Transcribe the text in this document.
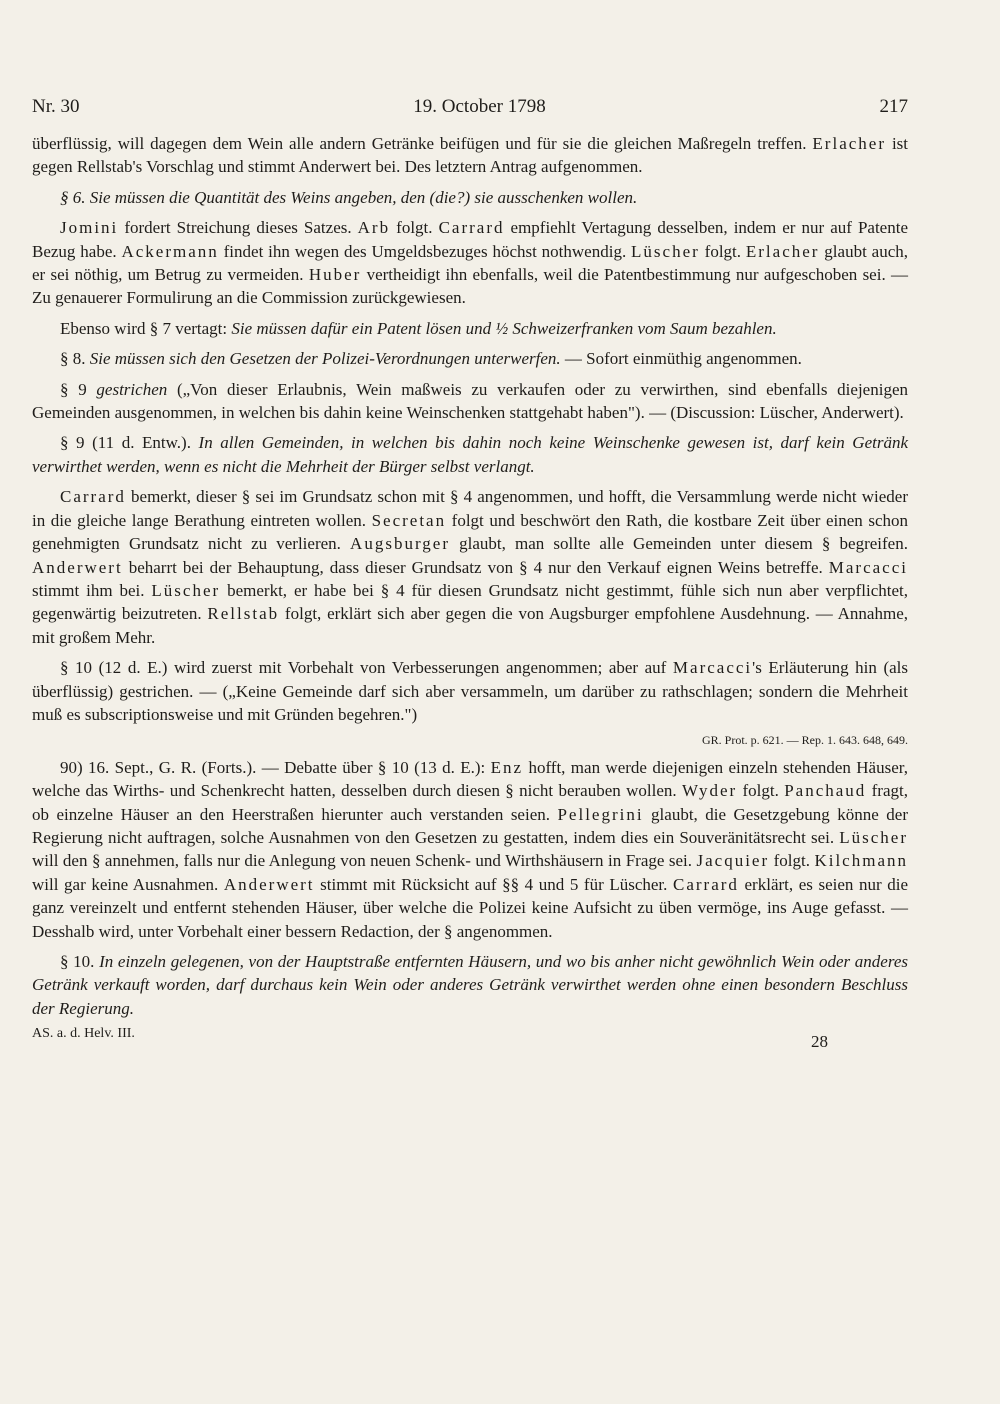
Nr. 30	19. October 1798	217

überflüssig, will dagegen dem Wein alle andern Getränke beifügen und für sie die gleichen Maßregeln treffen. Erlacher ist gegen Rellstab's Vorschlag und stimmt Anderwert bei. Des letztern Antrag aufgenommen.

§ 6. Sie müssen die Quantität des Weins angeben, den (die?) sie ausschenken wollen.

Jomini fordert Streichung dieses Satzes. Arb folgt. Carrard empfiehlt Vertagung desselben, indem er nur auf Patente Bezug habe. Ackermann findet ihn wegen des Umgeldsbezuges höchst nothwendig. Lüscher folgt. Erlacher glaubt auch, er sei nöthig, um Betrug zu vermeiden. Huber vertheidigt ihn ebenfalls, weil die Patentbestimmung nur aufgeschoben sei. — Zu genauerer Formulirung an die Commission zurückgewiesen.

Ebenso wird § 7 vertagt: Sie müssen dafür ein Patent lösen und ½ Schweizerfranken vom Saum bezahlen.

§ 8. Sie müssen sich den Gesetzen der Polizei-Verordnungen unterwerfen. — Sofort einmüthig angenommen.

§ 9 gestrichen („Von dieser Erlaubnis, Wein maßweis zu verkaufen oder zu verwirthen, sind ebenfalls diejenigen Gemeinden ausgenommen, in welchen bis dahin keine Weinschenken stattgehabt haben"). — (Discussion: Lüscher, Anderwert).

§ 9 (11 d. Entw.). In allen Gemeinden, in welchen bis dahin noch keine Weinschenke gewesen ist, darf kein Getränk verwirthet werden, wenn es nicht die Mehrheit der Bürger selbst verlangt.

Carrard bemerkt, dieser § sei im Grundsatz schon mit § 4 angenommen, und hofft, die Versammlung werde nicht wieder in die gleiche lange Berathung eintreten wollen. Secretan folgt und beschwört den Rath, die kostbare Zeit über einen schon genehmigten Grundsatz nicht zu verlieren. Augsburger glaubt, man sollte alle Gemeinden unter diesem § begreifen. Anderwert beharrt bei der Behauptung, dass dieser Grundsatz von § 4 nur den Verkauf eignen Weins betreffe. Marcacci stimmt ihm bei. Lüscher bemerkt, er habe bei § 4 für diesen Grundsatz nicht gestimmt, fühle sich nun aber verpflichtet, gegenwärtig beizutreten. Rellstab folgt, erklärt sich aber gegen die von Augsburger empfohlene Ausdehnung. — Annahme, mit großem Mehr.

§ 10 (12 d. E.) wird zuerst mit Vorbehalt von Verbesserungen angenommen; aber auf Marcacci's Erläuterung hin (als überflüssig) gestrichen. — („Keine Gemeinde darf sich aber versammeln, um darüber zu rathschlagen; sondern die Mehrheit muß es subscriptionsweise und mit Gründen begehren.")

GR. Prot. p. 621. — Rep. 1. 643. 648, 649.

90) 16. Sept., G. R. (Forts.). — Debatte über § 10 (13 d. E.): Enz hofft, man werde diejenigen einzeln stehenden Häuser, welche das Wirths- und Schenkrecht hatten, desselben durch diesen § nicht berauben wollen. Wyder folgt. Panchaud fragt, ob einzelne Häuser an den Heerstraßen hierunter auch verstanden seien. Pellegrini glaubt, die Gesetzgebung könne der Regierung nicht auftragen, solche Ausnahmen von den Gesetzen zu gestatten, indem dies ein Souveränitätsrecht sei. Lüscher will den § annehmen, falls nur die Anlegung von neuen Schenk- und Wirthshäusern in Frage sei. Jacquier folgt. Kilchmann will gar keine Ausnahmen. Anderwert stimmt mit Rücksicht auf §§ 4 und 5 für Lüscher. Carrard erklärt, es seien nur die ganz vereinzelt und entfernt stehenden Häuser, über welche die Polizei keine Aufsicht zu üben vermöge, ins Auge gefasst. — Desshalb wird, unter Vorbehalt einer bessern Redaction, der § angenommen.

§ 10. In einzeln gelegenen, von der Hauptstraße entfernten Häusern, und wo bis anher nicht gewöhnlich Wein oder anderes Getränk verkauft worden, darf durchaus kein Wein oder anderes Getränk verwirthet werden ohne einen besondern Beschluss der Regierung.

AS. a. d. Helv. III.	28
